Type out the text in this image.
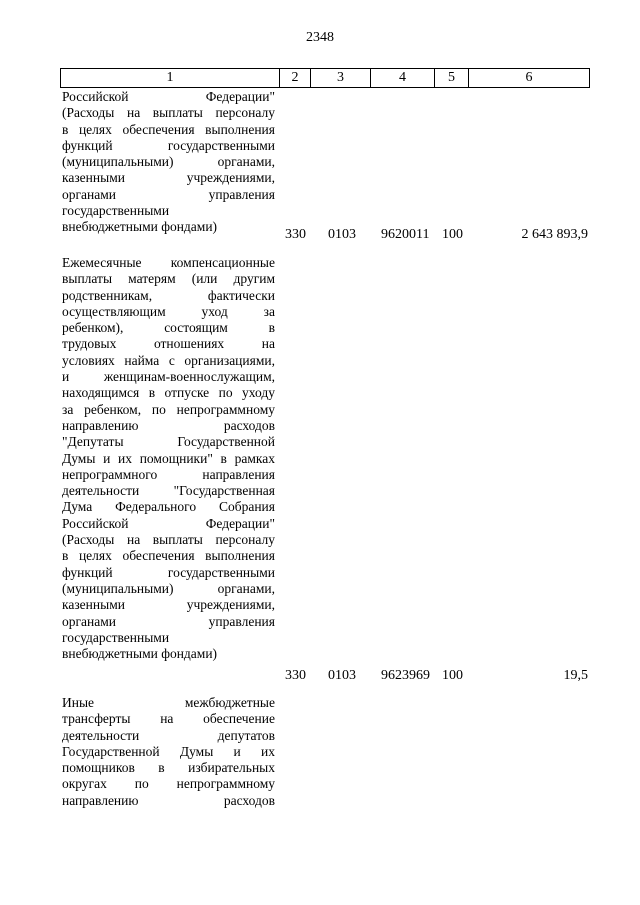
2348
1	2	3	4	5	6
Российской Федерации"
(Расходы на выплаты персоналу
в целях обеспечения выполнения
функций государственными
(муниципальными) органами,
казенными учреждениями,
органами управления
государственными
внебюджетными фондами)
330 0103 9620011 100	2 643 893,9
Ежемесячные компенсационные
выплаты матерям (или другим
родственникам, фактически
осуществляющим уход за
ребенком), состоящим в
трудовых отношениях на
условиях найма с организациями,
и женщинам-военнослужащим,
находящимся в отпуске по уходу
за ребенком, по непрограммному
направлению расходов
"Депутаты Государственной
Думы и их помощники" в рамках
непрограммного направления
деятельности "Государственная
Дума Федерального Собрания
Российской Федерации"
(Расходы на выплаты персоналу
в целях обеспечения выполнения
функций государственными
(муниципальными) органами,
казенными учреждениями,
органами управления
государственными
внебюджетными фондами)
330 0103 9623969 100	19,5
Иные межбюджетные
трансферты на обеспечение
деятельности депутатов
Государственной Думы и их
помощников в избирательных
округах по непрограммному
направлению расходов
